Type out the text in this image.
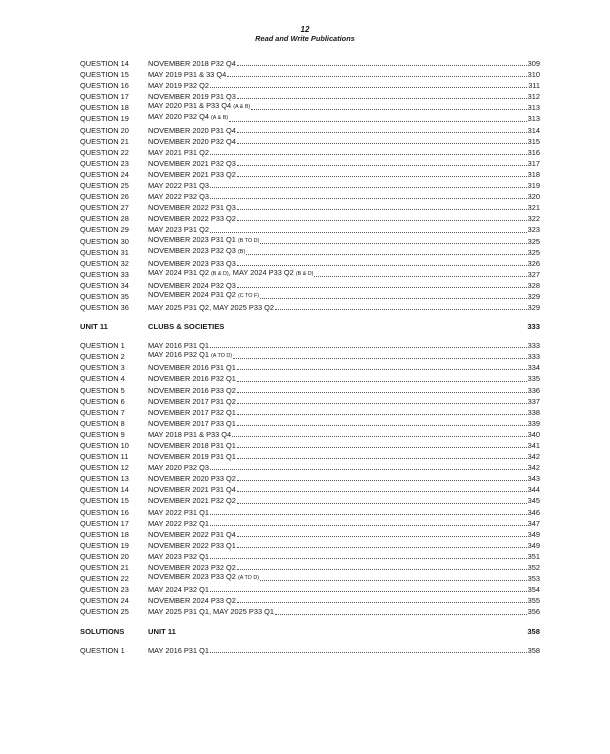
12
Read and Write Publications
QUESTION 14	NOVEMBER 2018 P32 Q4	309
QUESTION 15	MAY 2019 P31 & 33 Q4	310
QUESTION 16	MAY 2019 P32 Q2	311
QUESTION 17	NOVEMBER 2019 P31 Q3	312
QUESTION 18	MAY 2020 P31 & P33 Q4 (A & B)	313
QUESTION 19	MAY 2020 P32 Q4 (A & B)	313
QUESTION 20	NOVEMBER 2020 P31 Q4	314
QUESTION 21	NOVEMBER 2020 P32 Q4	315
QUESTION 22	MAY 2021 P31 Q2	316
QUESTION 23	NOVEMBER 2021 P32 Q3	317
QUESTION 24	NOVEMBER 2021 P33 Q2	318
QUESTION 25	MAY 2022 P31 Q3	319
QUESTION 26	MAY 2022 P32 Q3	320
QUESTION 27	NOVEMBER 2022 P31 Q3	321
QUESTION 28	NOVEMBER 2022 P33 Q2	322
QUESTION 29	MAY 2023 P31 Q2	323
QUESTION 30	NOVEMBER 2023 P31 Q1 (B TO D)	325
QUESTION 31	NOVEMBER 2023 P32 Q3 (B)	325
QUESTION 32	NOVEMBER 2023 P33 Q3	326
QUESTION 33	MAY 2024 P31 Q2 (B & D), MAY 2024 P33 Q2 (B & D)	327
QUESTION 34	NOVEMBER 2024 P32 Q3	328
QUESTION 35	NOVEMBER 2024 P31 Q2 (C TO F)	329
QUESTION 36	MAY 2025 P31 Q2, MAY 2025 P33 Q2	329
UNIT 11	CLUBS & SOCIETIES	333
QUESTION 1	MAY 2016 P31 Q1	333
QUESTION 2	MAY 2016 P32 Q1 (A TO D)	333
QUESTION 3	NOVEMBER 2016 P31 Q1	334
QUESTION 4	NOVEMBER 2016 P32 Q1	335
QUESTION 5	NOVEMBER 2016 P33 Q2	336
QUESTION 6	NOVEMBER 2017 P31 Q2	337
QUESTION 7	NOVEMBER 2017 P32 Q1	338
QUESTION 8	NOVEMBER 2017 P33 Q1	339
QUESTION 9	MAY 2018 P31 & P33 Q4	340
QUESTION 10	NOVEMBER 2018 P31 Q1	341
QUESTION 11	NOVEMBER 2019 P31 Q1	342
QUESTION 12	MAY 2020 P32 Q3	342
QUESTION 13	NOVEMBER 2020 P33 Q2	343
QUESTION 14	NOVEMBER 2021 P31 Q4	344
QUESTION 15	NOVEMBER 2021 P32 Q2	345
QUESTION 16	MAY 2022 P31 Q1	346
QUESTION 17	MAY 2022 P32 Q1	347
QUESTION 18	NOVEMBER 2022 P31 Q4	349
QUESTION 19	NOVEMBER 2022 P33 Q1	349
QUESTION 20	MAY 2023 P32 Q1	351
QUESTION 21	NOVEMBER 2023 P32 Q2	352
QUESTION 22	NOVEMBER 2023 P33 Q2 (A TO D)	353
QUESTION 23	MAY 2024 P32 Q1	354
QUESTION 24	NOVEMBER 2024 P33 Q2	355
QUESTION 25	MAY 2025 P31 Q1, MAY 2025 P33 Q1	356
SOLUTIONS	UNIT 11	358
QUESTION 1	MAY 2016 P31 Q1	358
